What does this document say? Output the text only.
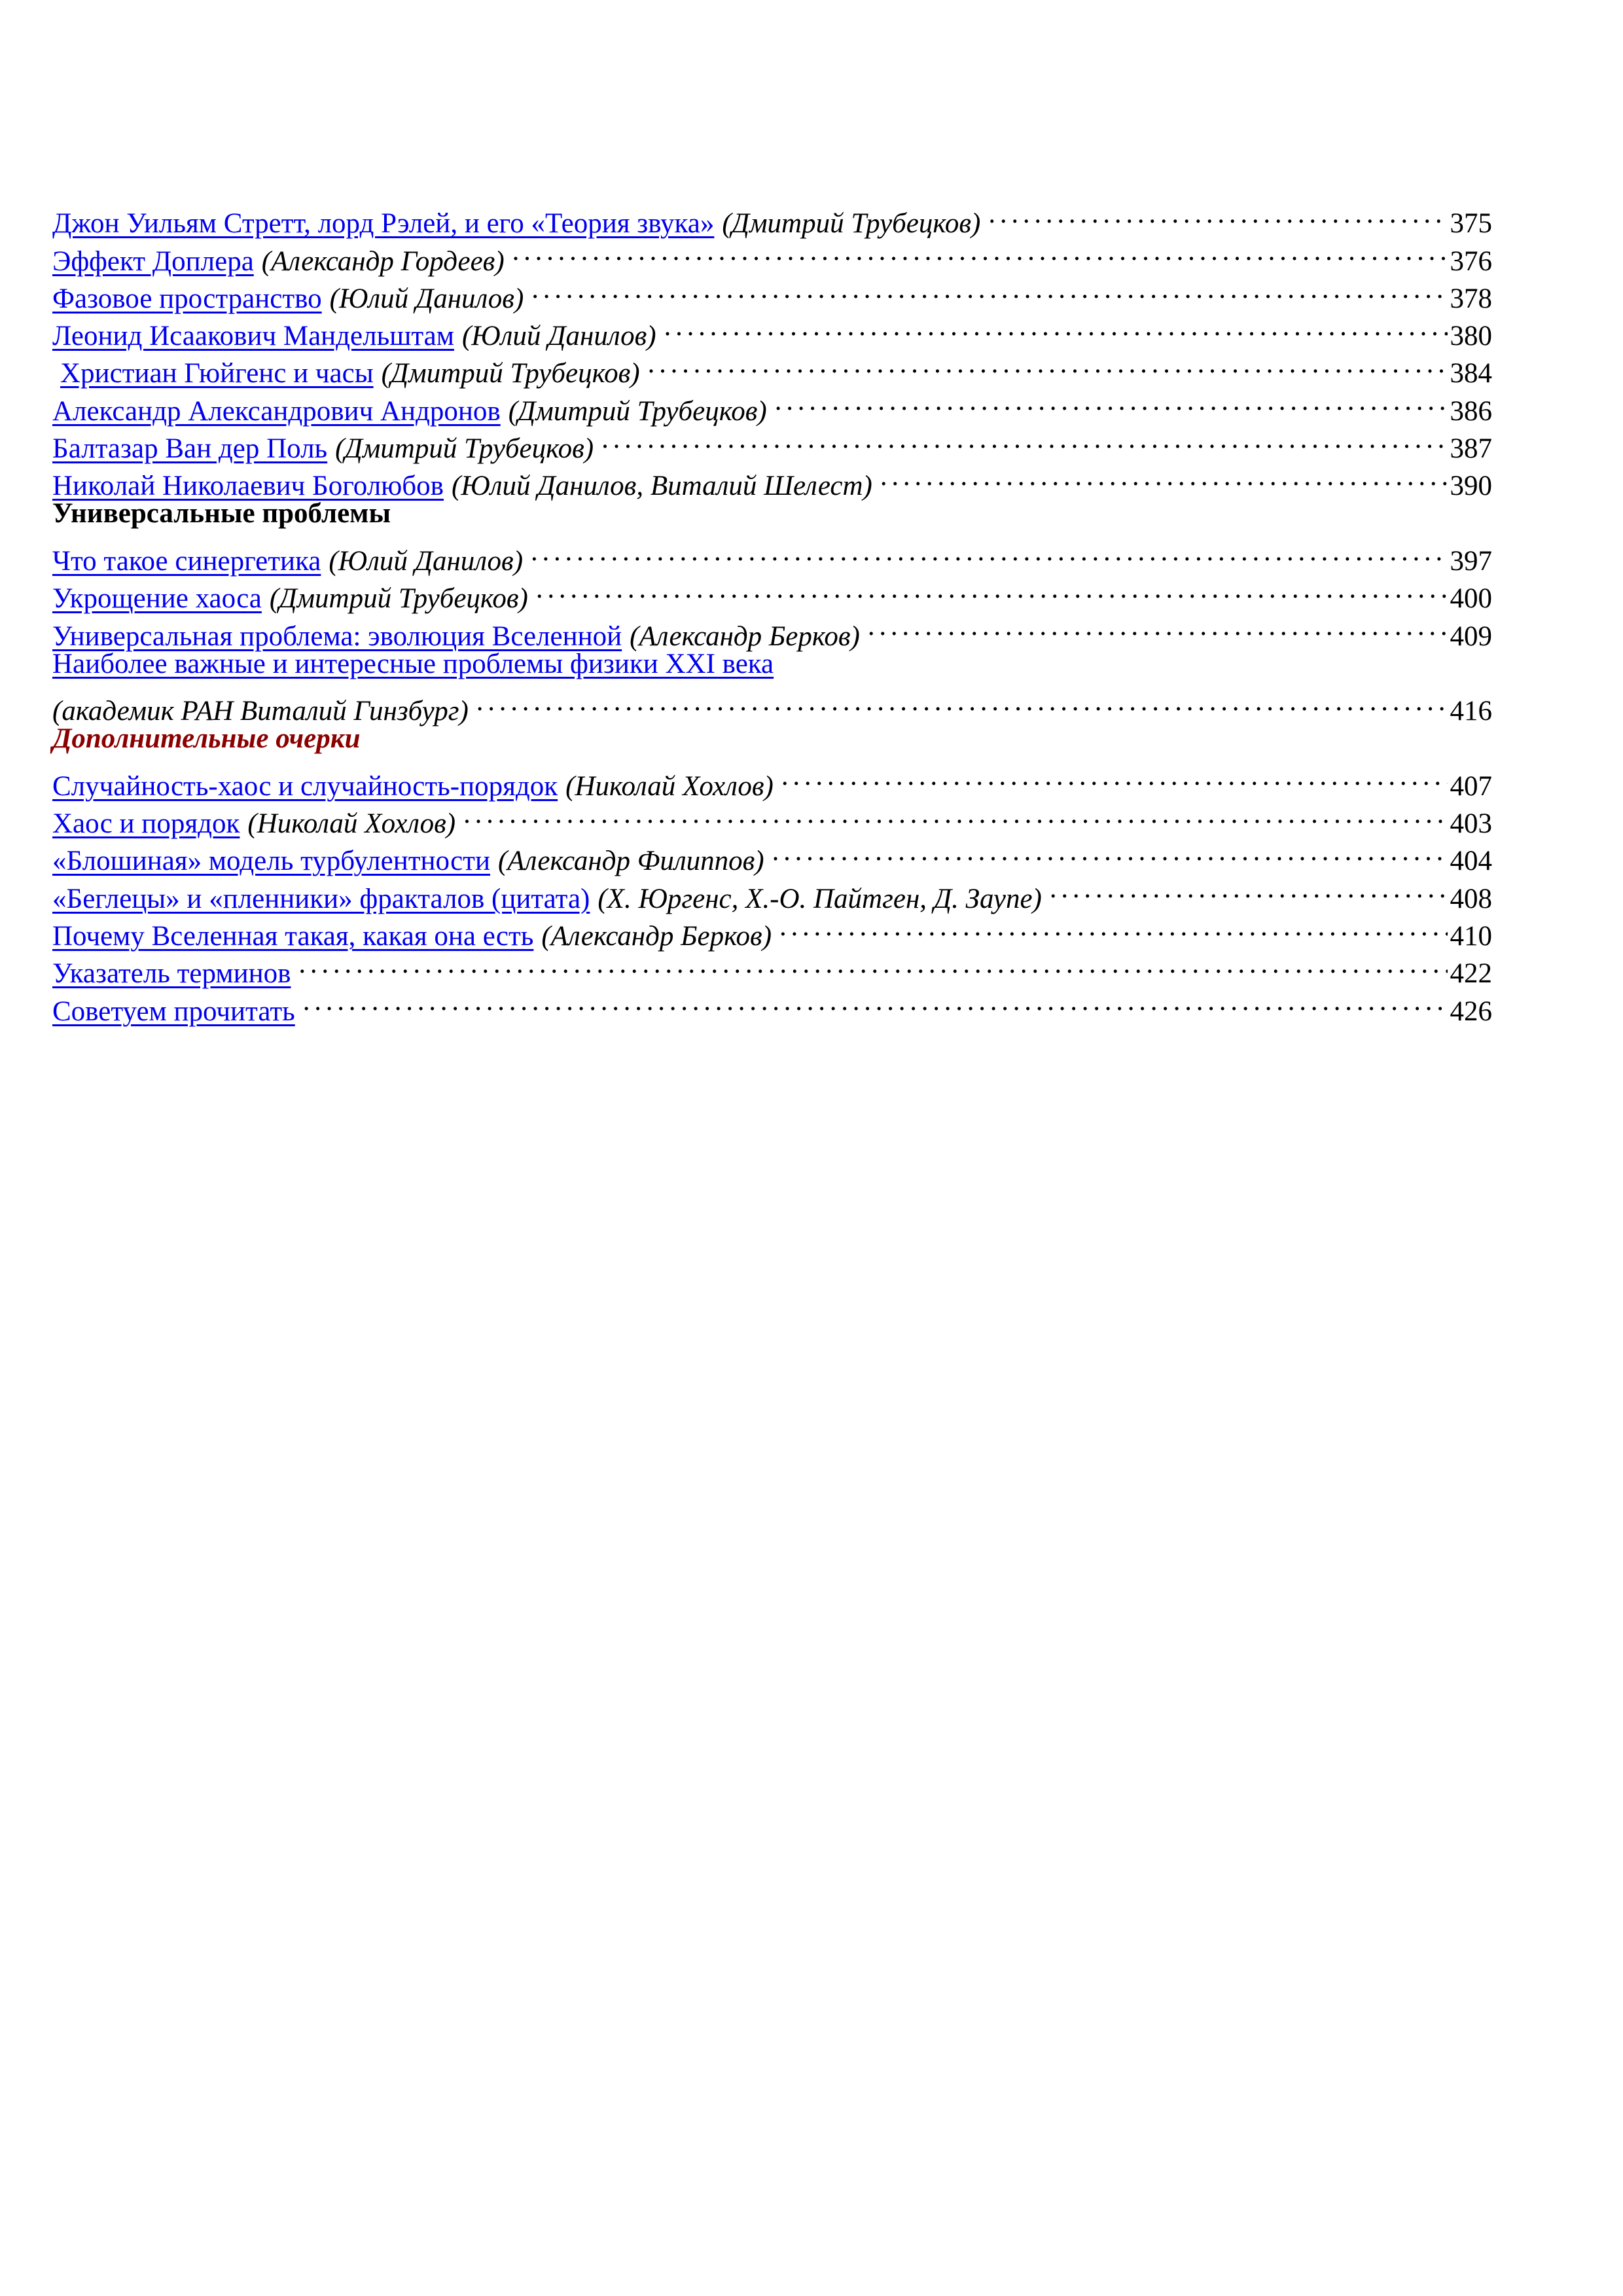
Джон Уильям Стретт, лорд Рэлей, и его «Теория звука» (Дмитрий Трубецков) . . .	375
Эффект Доплера (Александр Гордеев) . . .	376
Фазовое пространство (Юлий Данилов) . . .	378
Леонид Исаакович Мандельштам (Юлий Данилов) . . .	380
Христиан Гюйгенс и часы (Дмитрий Трубецков) . . .	384
Александр Александрович Андронов (Дмитрий Трубецков) . . .	386
Балтазар Ван дер Поль (Дмитрий Трубецков) . . .	387
Николай Николаевич Боголюбов (Юлий Данилов, Виталий Шелест) . . .	390
Универсальные проблемы
Что такое синергетика (Юлий Данилов) . . .	397
Укрощение хаоса (Дмитрий Трубецков) . . .	400
Универсальная проблема: эволюция Вселенной (Александр Берков) . . .	409
Наиболее важные и интересные проблемы физики XXI века
(академик РАН Виталий Гинзбург) . . .	416
Дополнительные очерки
Случайность-хаос и случайность-порядок (Николай Хохлов) . . .	407
Хаос и порядок (Николай Хохлов) . . .	403
«Блошиная» модель турбулентности (Александр Филиппов) . . .	404
«Беглецы» и «пленники» фракталов (цитата) (Х. Юргенс, Х.-О. Пайтген, Д. Заупе) . . .	408
Почему Вселенная такая, какая она есть (Александр Берков) . . .	410
Указатель терминов . . .	422
Советуем прочитать . . .	426
